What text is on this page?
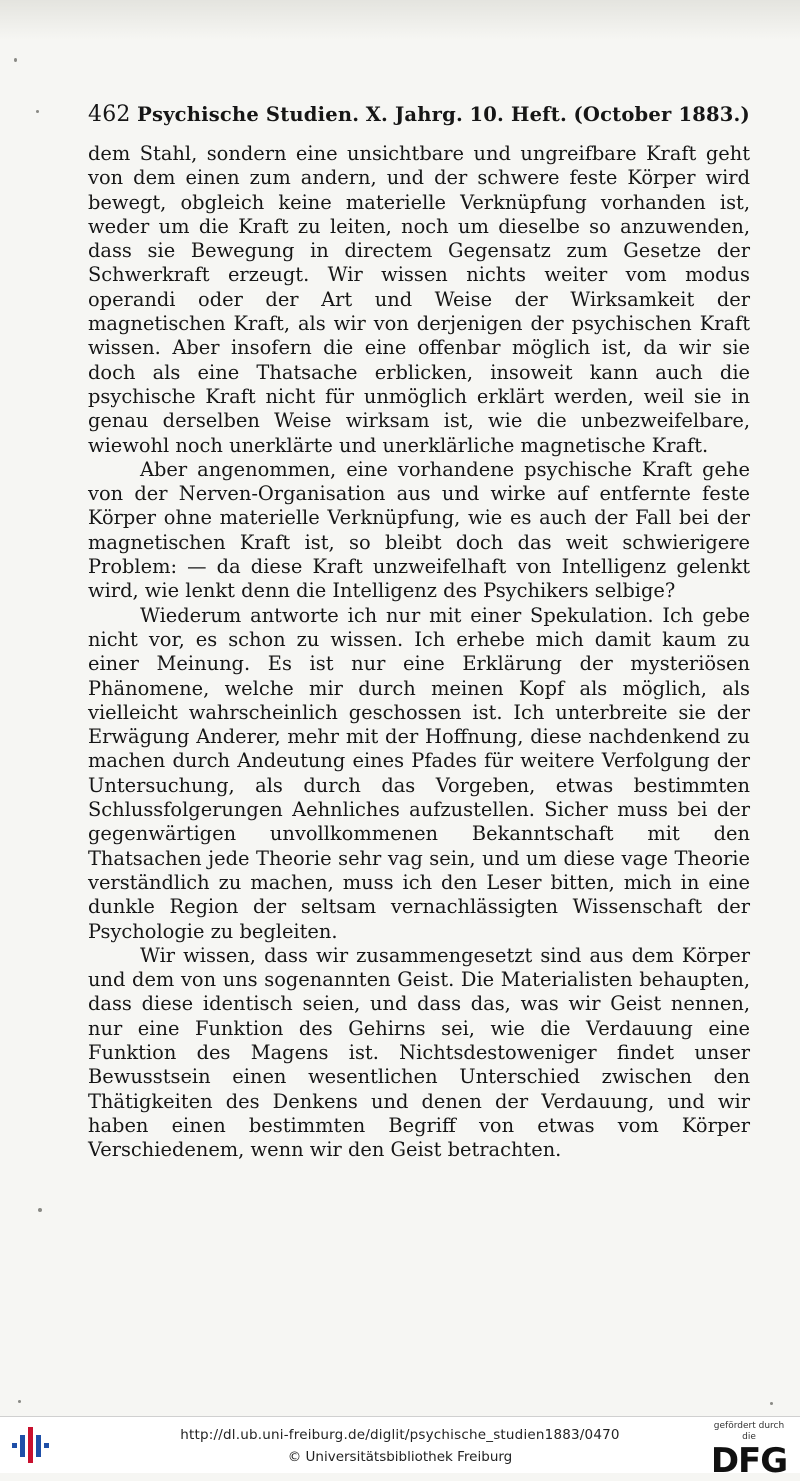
462 Psychische Studien. X. Jahrg. 10. Heft. (October 1883.)

dem Stahl, sondern eine unsichtbare und ungreifbare Kraft geht von dem einen zum andern, und der schwere feste Körper wird bewegt, obgleich keine materielle Verknüpfung vorhanden ist, weder um die Kraft zu leiten, noch um dieselbe so anzuwenden, dass sie Bewegung in directem Gegensatz zum Gesetze der Schwerkraft erzeugt. Wir wissen nichts weiter vom modus operandi oder der Art und Weise der Wirksamkeit der magnetischen Kraft, als wir von derjenigen der psychischen Kraft wissen. Aber insofern die eine offenbar möglich ist, da wir sie doch als eine Thatsache erblicken, insoweit kann auch die psychische Kraft nicht für unmöglich erklärt werden, weil sie in genau derselben Weise wirksam ist, wie die unbezweifelbare, wiewohl noch unerklärte und unerklärliche magnetische Kraft.

Aber angenommen, eine vorhandene psychische Kraft gehe von der Nerven-Organisation aus und wirke auf entfernte feste Körper ohne materielle Verknüpfung, wie es auch der Fall bei der magnetischen Kraft ist, so bleibt doch das weit schwierigere Problem: — da diese Kraft unzweifelhaft von Intelligenz gelenkt wird, wie lenkt denn die Intelligenz des Psychikers selbige?

Wiederum antworte ich nur mit einer Spekulation. Ich gebe nicht vor, es schon zu wissen. Ich erhebe mich damit kaum zu einer Meinung. Es ist nur eine Erklärung der mysteriösen Phänomene, welche mir durch meinen Kopf als möglich, als vielleicht wahrscheinlich geschossen ist. Ich unterbreite sie der Erwägung Anderer, mehr mit der Hoffnung, diese nachdenkend zu machen durch Andeutung eines Pfades für weitere Verfolgung der Untersuchung, als durch das Vorgeben, etwas bestimmten Schlussfolgerungen Aehnliches aufzustellen. Sicher muss bei der gegenwärtigen unvollkommenen Bekanntschaft mit den Thatsachen jede Theorie sehr vag sein, und um diese vage Theorie verständlich zu machen, muss ich den Leser bitten, mich in eine dunkle Region der seltsam vernachlässigten Wissenschaft der Psychologie zu begleiten.

Wir wissen, dass wir zusammengesetzt sind aus dem Körper und dem von uns sogenannten Geist. Die Materialisten behaupten, dass diese identisch seien, und dass das, was wir Geist nennen, nur eine Funktion des Gehirns sei, wie die Verdauung eine Funktion des Magens ist. Nichtsdestoweniger findet unser Bewusstsein einen wesentlichen Unterschied zwischen den Thätigkeiten des Denkens und denen der Verdauung, und wir haben einen bestimmten Begriff von etwas vom Körper Verschiedenem, wenn wir den Geist betrachten.

http://dl.ub.uni-freiburg.de/diglit/psychische_studien1883/0470
© Universitätsbibliothek Freiburg
gefördert durch die
DFG
